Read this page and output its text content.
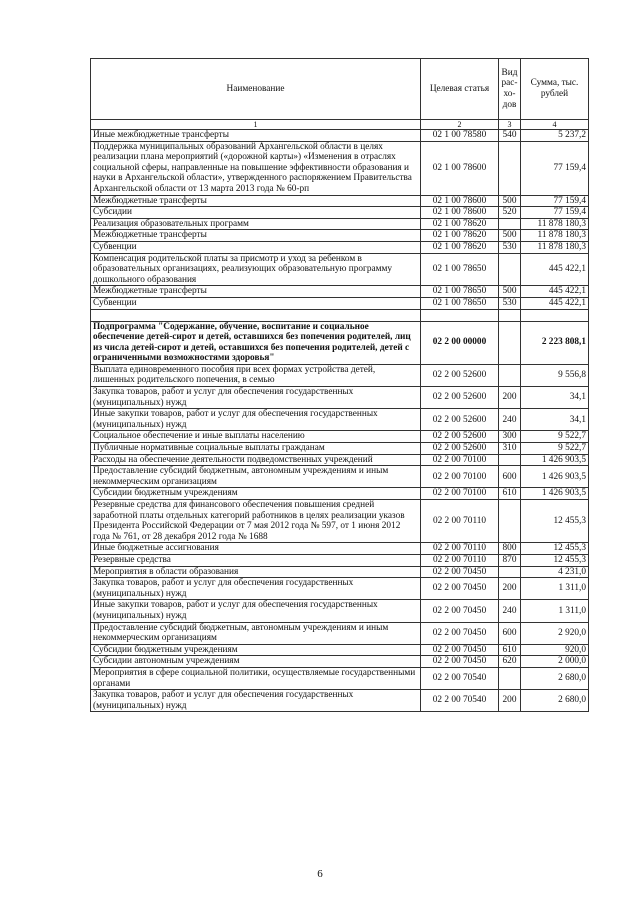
Наименование	Целевая статья	Вид рас- хо- дов	Сумма, тыс. рублей
1	2	3	4
Иные межбюджетные трансферты	02 1 00 78580	540	5 237,2
Поддержка муниципальных образований Архангельской области в целях реализации плана мероприятий («дорожной карты») «Изменения в отраслях социальной сферы, направленные на повышение эффективности образования и науки в Архангельской области», утвержденного распоряжением Правительства Архангельской области от 13 марта 2013 года № 60-рп	02 1 00 78600		77 159,4
Межбюджетные трансферты	02 1 00 78600	500	77 159,4
Субсидии	02 1 00 78600	520	77 159,4
Реализация образовательных программ	02 1 00 78620		11 878 180,3
Межбюджетные трансферты	02 1 00 78620	500	11 878 180,3
Субвенции	02 1 00 78620	530	11 878 180,3
Компенсация родительской платы за присмотр и уход за ребенком в образовательных организациях, реализующих образовательную программу дошкольного образования	02 1 00 78650		445 422,1
Межбюджетные трансферты	02 1 00 78650	500	445 422,1
Субвенции	02 1 00 78650	530	445 422,1

Подпрограмма "Содержание, обучение, воспитание и социальное обеспечение детей-сирот и детей, оставшихся без попечения родителей, лиц из числа детей-сирот и детей, оставшихся без попечения родителей, детей с ограниченными возможностями здоровья"	02 2 00 00000		2 223 808,1
Выплата единовременного пособия при всех формах устройства детей, лишенных родительского попечения, в семью	02 2 00 52600		9 556,8
Закупка товаров, работ и услуг для обеспечения государственных (муниципальных) нужд	02 2 00 52600	200	34,1
Иные закупки товаров, работ и услуг для обеспечения государственных (муниципальных) нужд	02 2 00 52600	240	34,1
Социальное обеспечение и иные выплаты населению	02 2 00 52600	300	9 522,7
Публичные нормативные социальные выплаты гражданам	02 2 00 52600	310	9 522,7
Расходы на обеспечение деятельности подведомственных учреждений	02 2 00 70100		1 426 903,5
Предоставление субсидий бюджетным, автономным учреждениям и иным некоммерческим организациям	02 2 00 70100	600	1 426 903,5
Субсидии бюджетным учреждениям	02 2 00 70100	610	1 426 903,5
Резервные средства для финансового обеспечения повышения средней заработной платы отдельных категорий работников в целях реализации указов Президента Российской Федерации от 7 мая 2012 года № 597, от 1 июня 2012 года № 761, от 28 декабря 2012 года № 1688	02 2 00 70110		12 455,3
Иные бюджетные ассигнования	02 2 00 70110	800	12 455,3
Резервные средства	02 2 00 70110	870	12 455,3
Мероприятия в области образования	02 2 00 70450		4 231,0
Закупка товаров, работ и услуг для обеспечения государственных (муниципальных) нужд	02 2 00 70450	200	1 311,0
Иные закупки товаров, работ и услуг для обеспечения государственных (муниципальных) нужд	02 2 00 70450	240	1 311,0
Предоставление субсидий бюджетным, автономным учреждениям и иным некоммерческим организациям	02 2 00 70450	600	2 920,0
Субсидии бюджетным учреждениям	02 2 00 70450	610	920,0
Субсидии автономным учреждениям	02 2 00 70450	620	2 000,0
Мероприятия в сфере социальной политики, осуществляемые государственными органами	02 2 00 70540		2 680,0
Закупка товаров, работ и услуг для обеспечения государственных (муниципальных) нужд	02 2 00 70540	200	2 680,0
6
